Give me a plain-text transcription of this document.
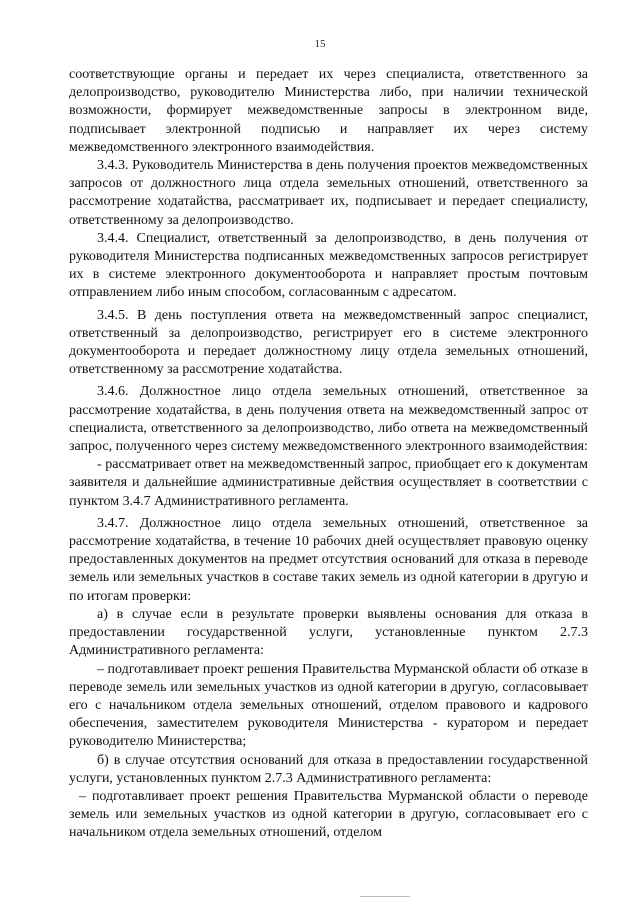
15

соответствующие органы и передает их через специалиста, ответственного за делопроизводство, руководителю Министерства либо, при наличии технической возможности, формирует межведомственные запросы в электронном виде, подписывает электронной подписью и направляет их через систему межведомственного электронного взаимодействия.

3.4.3. Руководитель Министерства в день получения проектов межведомственных запросов от должностного лица отдела земельных отношений, ответственного за рассмотрение ходатайства, рассматривает их, подписывает и передает специалисту, ответственному за делопроизводство.

3.4.4. Специалист, ответственный за делопроизводство, в день получения от руководителя Министерства подписанных межведомственных запросов регистрирует их в системе электронного документооборота и направляет простым почтовым отправлением либо иным способом, согласованным с адресатом.

3.4.5. В день поступления ответа на межведомственный запрос специалист, ответственный за делопроизводство, регистрирует его в системе электронного документооборота и передает должностному лицу отдела земельных отношений, ответственному за рассмотрение ходатайства.

3.4.6. Должностное лицо отдела земельных отношений, ответственное за рассмотрение ходатайства, в день получения ответа на межведомственный запрос от специалиста, ответственного за делопроизводство, либо ответа на межведомственный запрос, полученного через систему межведомственного электронного взаимодействия:

- рассматривает ответ на межведомственный запрос, приобщает его к документам заявителя и дальнейшие административные действия осуществляет в соответствии с пунктом 3.4.7 Административного регламента.

3.4.7. Должностное лицо отдела земельных отношений, ответственное за рассмотрение ходатайства, в течение 10 рабочих дней осуществляет правовую оценку предоставленных документов на предмет отсутствия оснований для отказа в переводе земель или земельных участков в составе таких земель из одной категории в другую и по итогам проверки:

а) в случае если в результате проверки выявлены основания для отказа в предоставлении государственной услуги, установленные пунктом 2.7.3 Административного регламента:

– подготавливает проект решения Правительства Мурманской области об отказе в переводе земель или земельных участков из одной категории в другую, согласовывает его с начальником отдела земельных отношений, отделом правового и кадрового обеспечения, заместителем руководителя Министерства - куратором и передает руководителю Министерства;

б) в случае отсутствия оснований для отказа в предоставлении государственной услуги, установленных пунктом 2.7.3 Административного регламента:

– подготавливает проект решения Правительства Мурманской области о переводе земель или земельных участков из одной категории в другую, согласовывает его с начальником отдела земельных отношений, отделом
